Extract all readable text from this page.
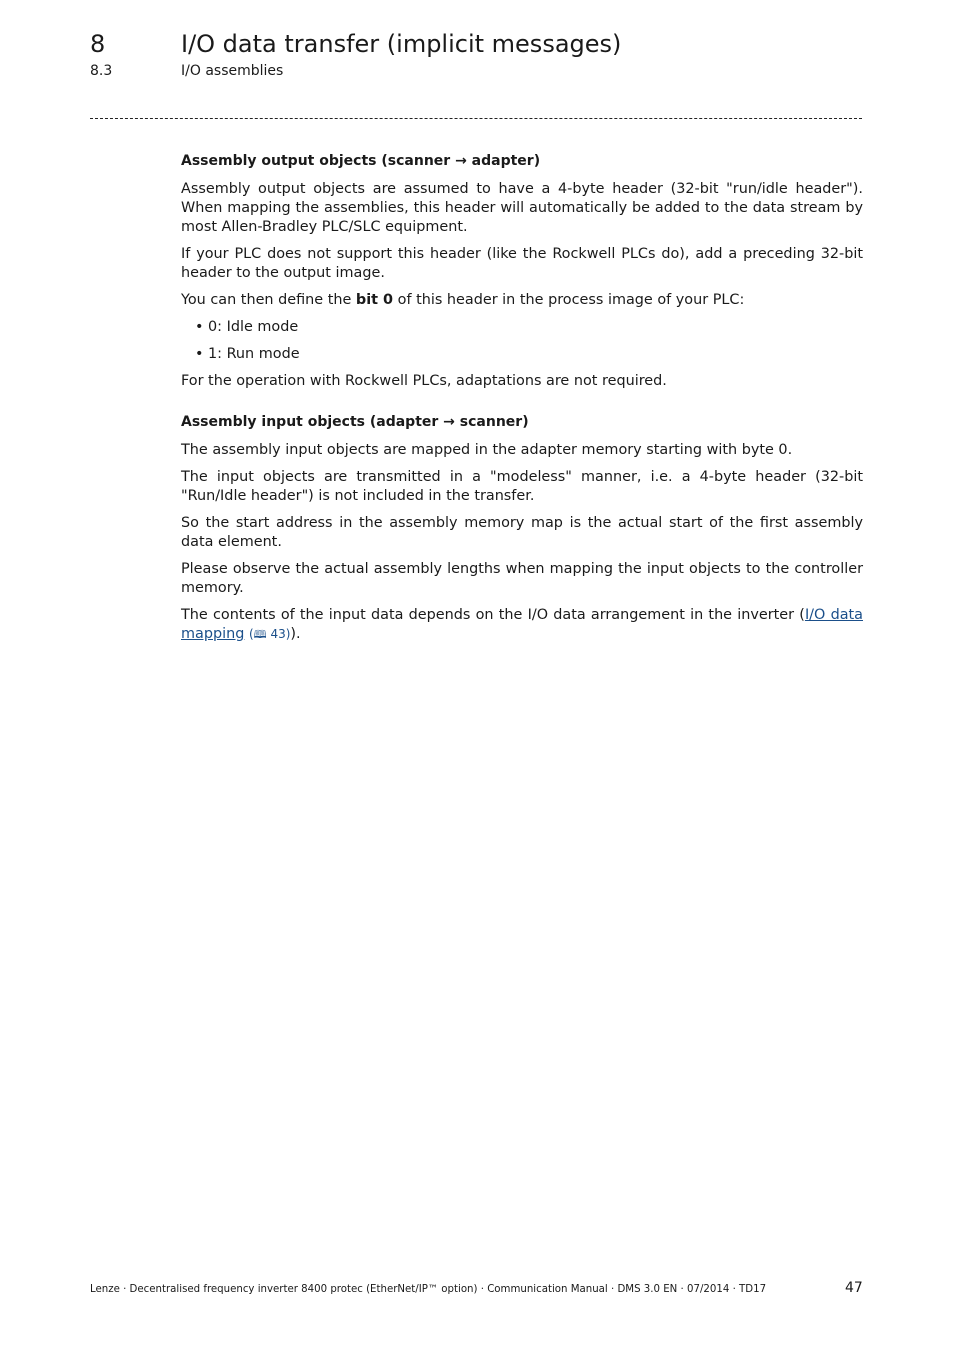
8	I/O data transfer (implicit messages)
8.3	I/O assemblies
Assembly output objects (scanner → adapter)

Assembly output objects are assumed to have a 4-byte header (32-bit "run/idle header"). When mapping the assemblies, this header will automatically be added to the data stream by most Allen-Bradley PLC/SLC equipment.

If your PLC does not support this header (like the Rockwell PLCs do), add a preceding 32-bit header to the output image.

You can then define the bit 0 of this header in the process image of your PLC:

• 0: Idle mode
• 1: Run mode

For the operation with Rockwell PLCs, adaptations are not required.

Assembly input objects (adapter → scanner)

The assembly input objects are mapped in the adapter memory starting with byte 0.

The input objects are transmitted in a "modeless" manner, i.e. a 4-byte header (32-bit "Run/Idle header") is not included in the transfer.

So the start address in the assembly memory map is the actual start of the first assembly data element.

Please observe the actual assembly lengths when mapping the input objects to the controller memory.

The contents of the input data depends on the I/O data arrangement in the inverter (I/O data mapping (🕮 43)).

Lenze · Decentralised frequency inverter 8400 protec (EtherNet/IP™ option) · Communication Manual · DMS 3.0 EN · 07/2014 · TD17	47
